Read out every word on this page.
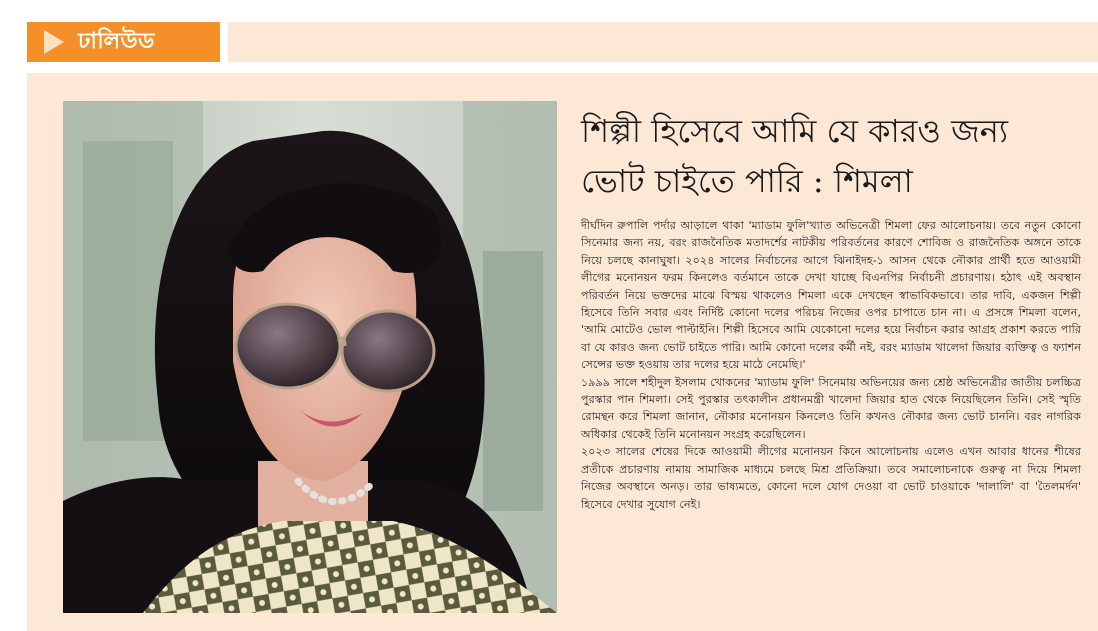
ঢালিউড
শিল্পী হিসেবে আমি যে কারও জন্য ভোট চাইতে পারি : শিমলা

দীর্ঘদিন রুপালি পর্দার আড়ালে থাকা 'ম্যাডাম ফুলি'খ্যাত অভিনেত্রী শিমলা ফের আলোচনায়। তবে নতুন কোনো সিনেমার জন্য নয়, বরং রাজনৈতিক মতাদর্শের নাটকীয় পরিবর্তনের কারণে শোবিজ ও রাজনৈতিক অঙ্গনে তাকে নিয়ে চলছে কানাঘুষা। ২০২৪ সালের নির্বাচনের আগে ঝিনাইদহ-১ আসন থেকে নৌকার প্রার্থী হতে আওয়ামী লীগের মনোনয়ন ফরম কিনলেও বর্তমানে তাকে দেখা যাচ্ছে বিএনপির নির্বাচনী প্রচারণায়। হঠাৎ এই অবস্থান পরিবর্তন নিয়ে ভক্তদের মাঝে বিস্ময় থাকলেও শিমলা একে দেখছেন স্বাভাবিকভাবে। তার দাবি, একজন শিল্পী হিসেবে তিনি সবার এবং নির্দিষ্ট কোনো দলের পরিচয় নিজের ওপর চাপাতে চান না। এ প্রসঙ্গে শিমলা বলেন, 'আমি মোটেও ভোল পাল্টাইনি। শিল্পী হিসেবে আমি যেকোনো দলের হয়ে নির্বাচন করার আগ্রহ প্রকাশ করতে পারি বা যে কারও জন্য ভোট চাইতে পারি। আমি কোনো দলের কর্মী নই, বরং ম্যাডাম খালেদা জিয়ার ব্যক্তিত্ব ও ফ্যাশন সেন্সের ভক্ত হওয়ায় তার দলের হয়ে মাঠে নেমেছি।'

১৯৯৯ সালে শহীদুল ইসলাম খোকনের 'ম্যাডাম ফুলি' সিনেমায় অভিনয়ের জন্য শ্রেষ্ঠ অভিনেত্রীর জাতীয় চলচ্চিত্র পুরস্কার পান শিমলা। সেই পুরস্কার তৎকালীন প্রধানমন্ত্রী খালেদা জিয়ার হাত থেকে নিয়েছিলেন তিনি। সেই স্মৃতি রোমন্থন করে শিমলা জানান, নৌকার মনোনয়ন কিনলেও তিনি কখনও নৌকার জন্য ভোট চাননি। বরং নাগরিক অধিকার থেকেই তিনি মনোনয়ন সংগ্রহ করেছিলেন।

২০২৩ সালের শেষের দিকে আওয়ামী লীগের মনোনয়ন কিনে আলোচনায় এলেও এখন আবার ধানের শীষের প্রতীকে প্রচারণায় নামায় সামাজিক মাধ্যমে চলছে মিশ্র প্রতিক্রিয়া। তবে সমালোচনাকে গুরুত্ব না দিয়ে শিমলা নিজের অবস্থানে অনড়। তার ভাষ্যমতে, কোনো দলে যোগ দেওয়া বা ভোট চাওয়াকে 'দালালি' বা 'তৈলমর্দন' হিসেবে দেখার সুযোগ নেই।
